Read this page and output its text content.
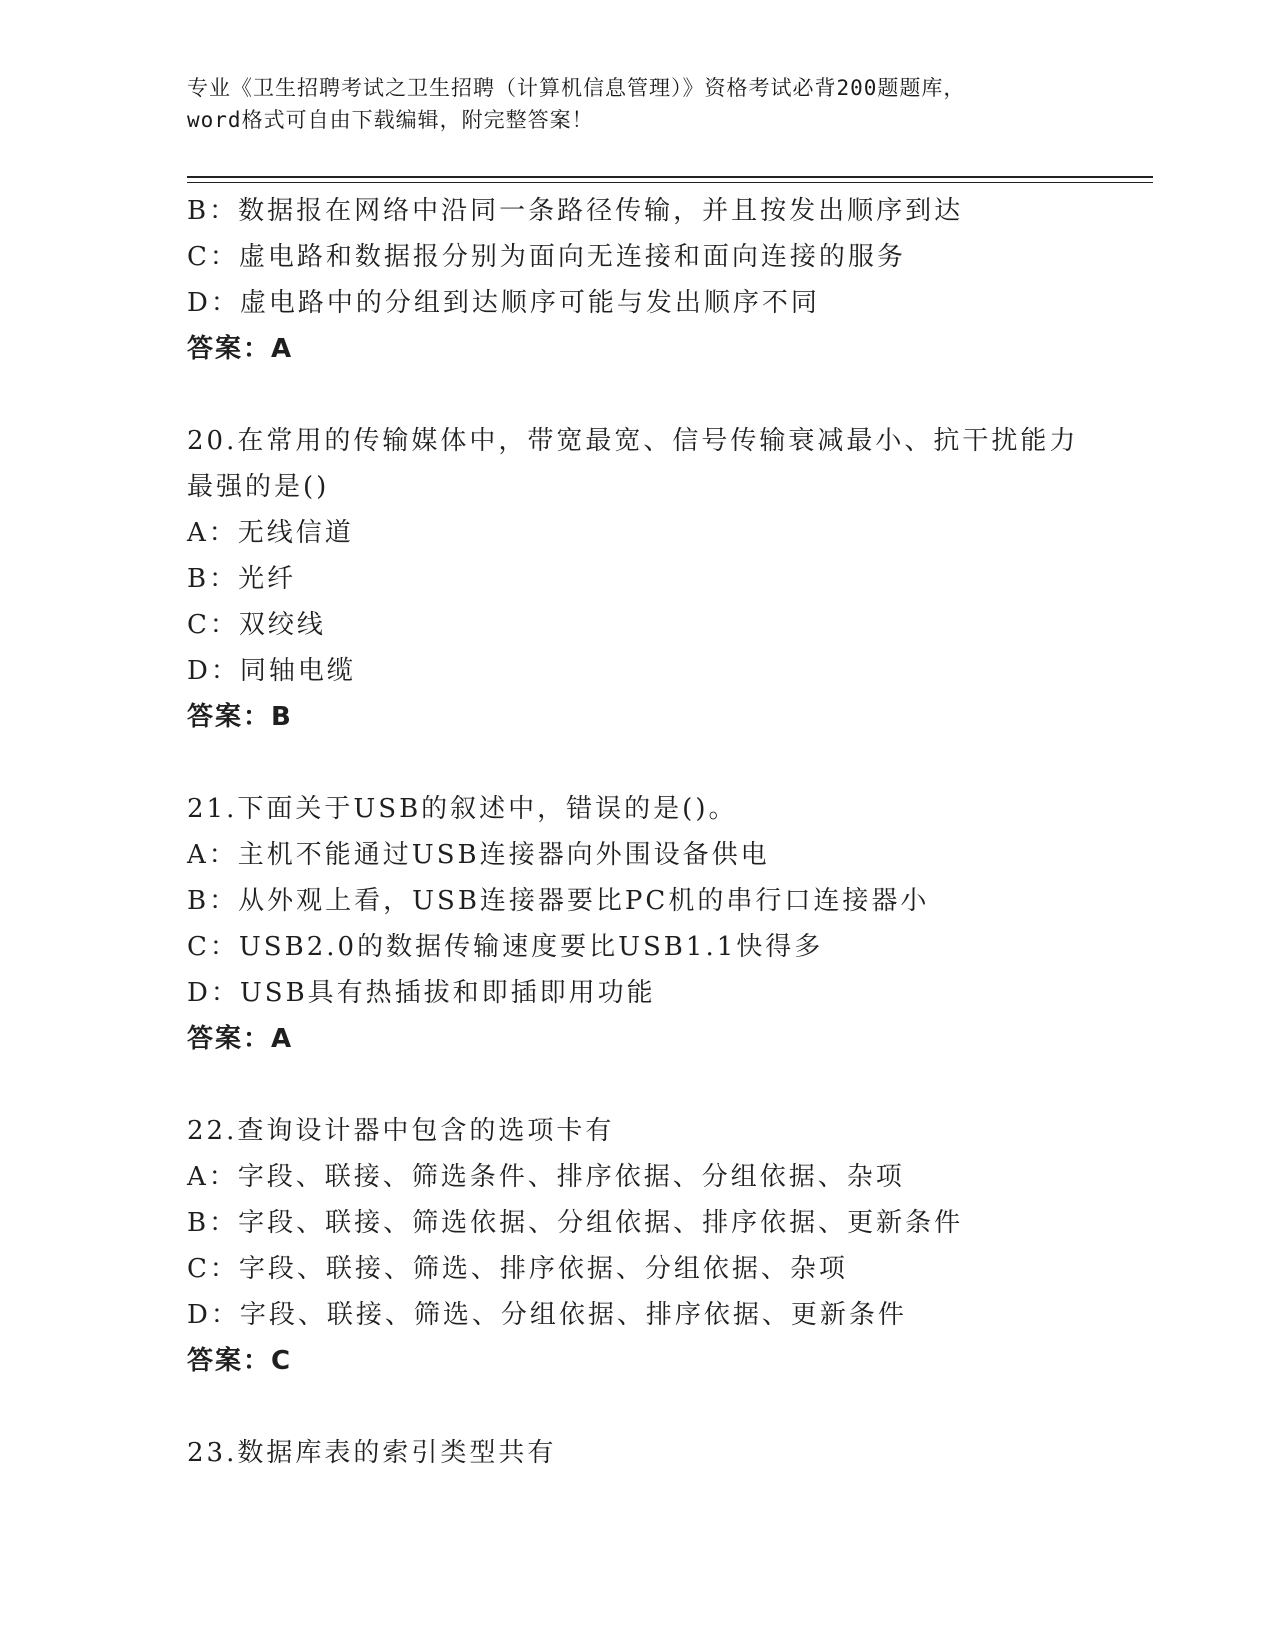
专业《卫生招聘考试之卫生招聘（计算机信息管理）》资格考试必背200题题库，
word格式可自由下载编辑，附完整答案！
B：数据报在网络中沿同一条路径传输，并且按发出顺序到达
C：虚电路和数据报分别为面向无连接和面向连接的服务
D：虚电路中的分组到达顺序可能与发出顺序不同
答案：A
20.在常用的传输媒体中，带宽最宽、信号传输衰减最小、抗干扰能力
最强的是()
A：无线信道
B：光纤
C：双绞线
D：同轴电缆
答案：B
21.下面关于USB的叙述中，错误的是()。
A：主机不能通过USB连接器向外围设备供电
B：从外观上看，USB连接器要比PC机的串行口连接器小
C：USB2.0的数据传输速度要比USB1.1快得多
D：USB具有热插拔和即插即用功能
答案：A
22.查询设计器中包含的选项卡有
A：字段、联接、筛选条件、排序依据、分组依据、杂项
B：字段、联接、筛选依据、分组依据、排序依据、更新条件
C：字段、联接、筛选、排序依据、分组依据、杂项
D：字段、联接、筛选、分组依据、排序依据、更新条件
答案：C
23.数据库表的索引类型共有
